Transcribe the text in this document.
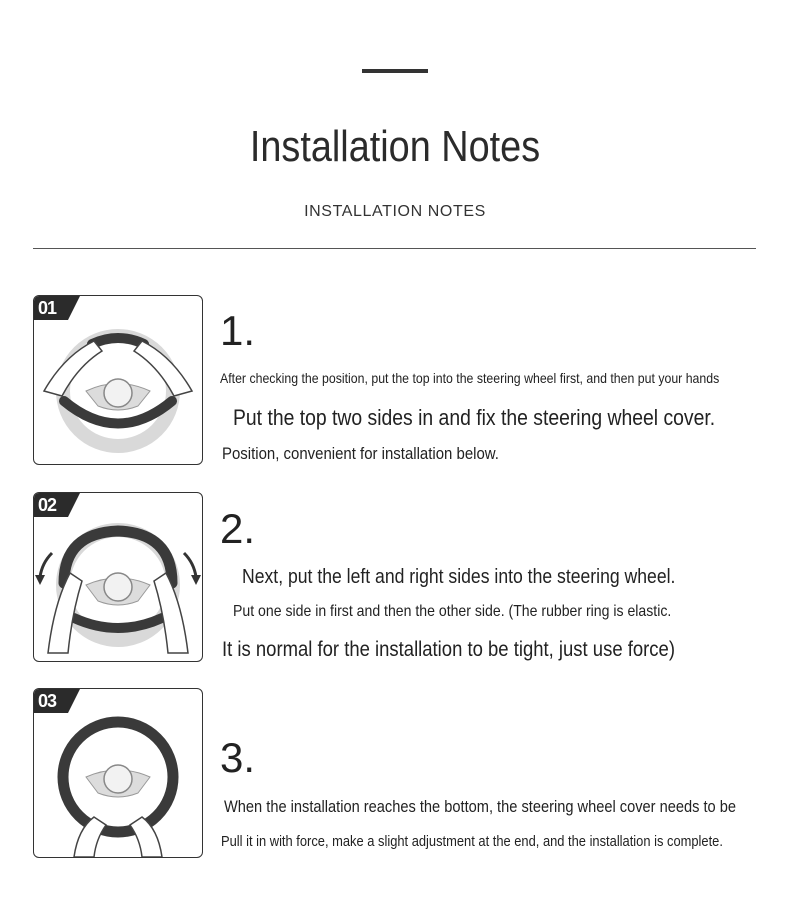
Installation Notes
INSTALLATION NOTES
01	1.
After checking the position, put the top into the steering wheel first, and then put your hands
Put the top two sides in and fix the steering wheel cover.
Position, convenient for installation below.
02	2.
Next, put the left and right sides into the steering wheel.
Put one side in first and then the other side. (The rubber ring is elastic.
It is normal for the installation to be tight, just use force)
03
3.
When the installation reaches the bottom, the steering wheel cover needs to be
Pull it in with force, make a slight adjustment at the end, and the installation is complete.
